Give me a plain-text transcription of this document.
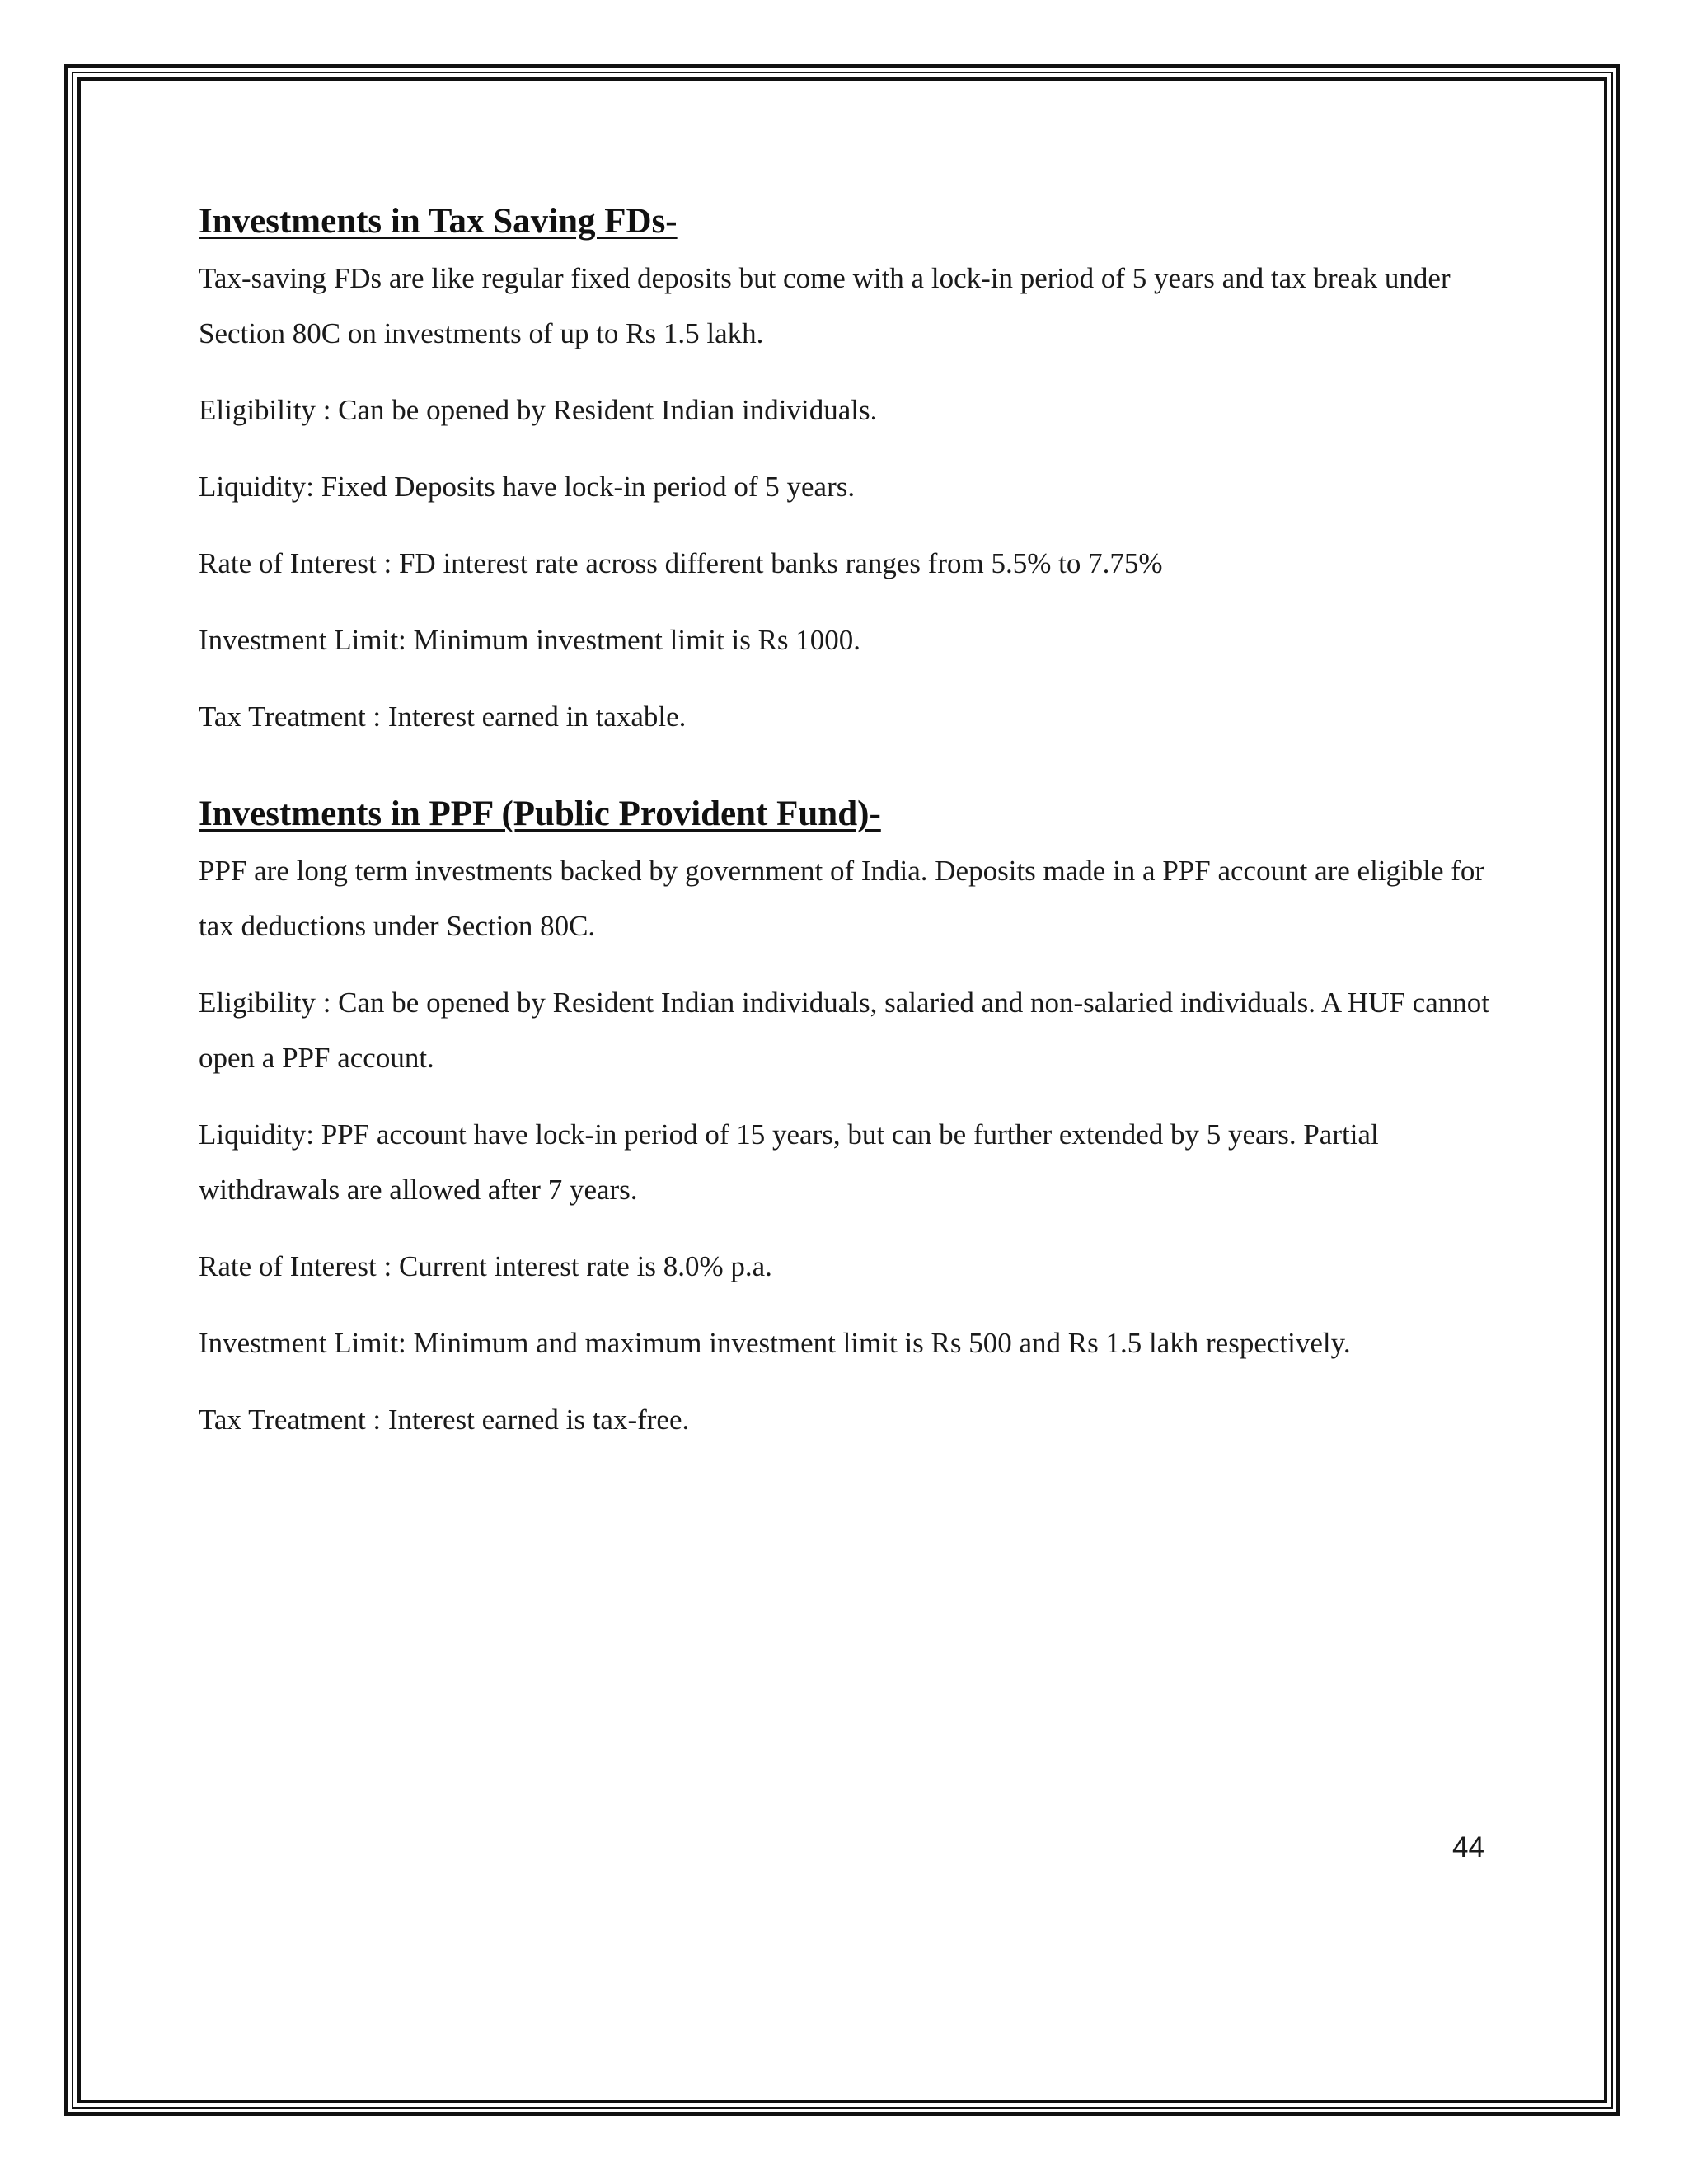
Investments in Tax Saving FDs-

Tax-saving FDs are like regular fixed deposits but come with a lock-in period of 5 years and tax break under Section 80C on investments of up to Rs 1.5 lakh.

Eligibility : Can be opened by Resident Indian individuals.

Liquidity: Fixed Deposits have lock-in period of 5 years.

Rate of Interest : FD interest rate across different banks ranges from 5.5% to 7.75%

Investment Limit: Minimum investment limit is Rs 1000.

Tax Treatment : Interest earned in taxable.

Investments in PPF (Public Provident Fund)-

PPF are long term investments backed by government of India. Deposits made in a PPF account are eligible for tax deductions under Section 80C.

Eligibility : Can be opened by Resident Indian individuals, salaried and non-salaried individuals. A HUF cannot open a PPF account.

Liquidity: PPF account have lock-in period of 15 years, but can be further extended by 5 years. Partial withdrawals are allowed after 7 years.

Rate of Interest : Current interest rate is 8.0% p.a.

Investment Limit: Minimum and maximum investment limit is Rs 500 and Rs 1.5 lakh respectively.

Tax Treatment : Interest earned is tax-free.

44
